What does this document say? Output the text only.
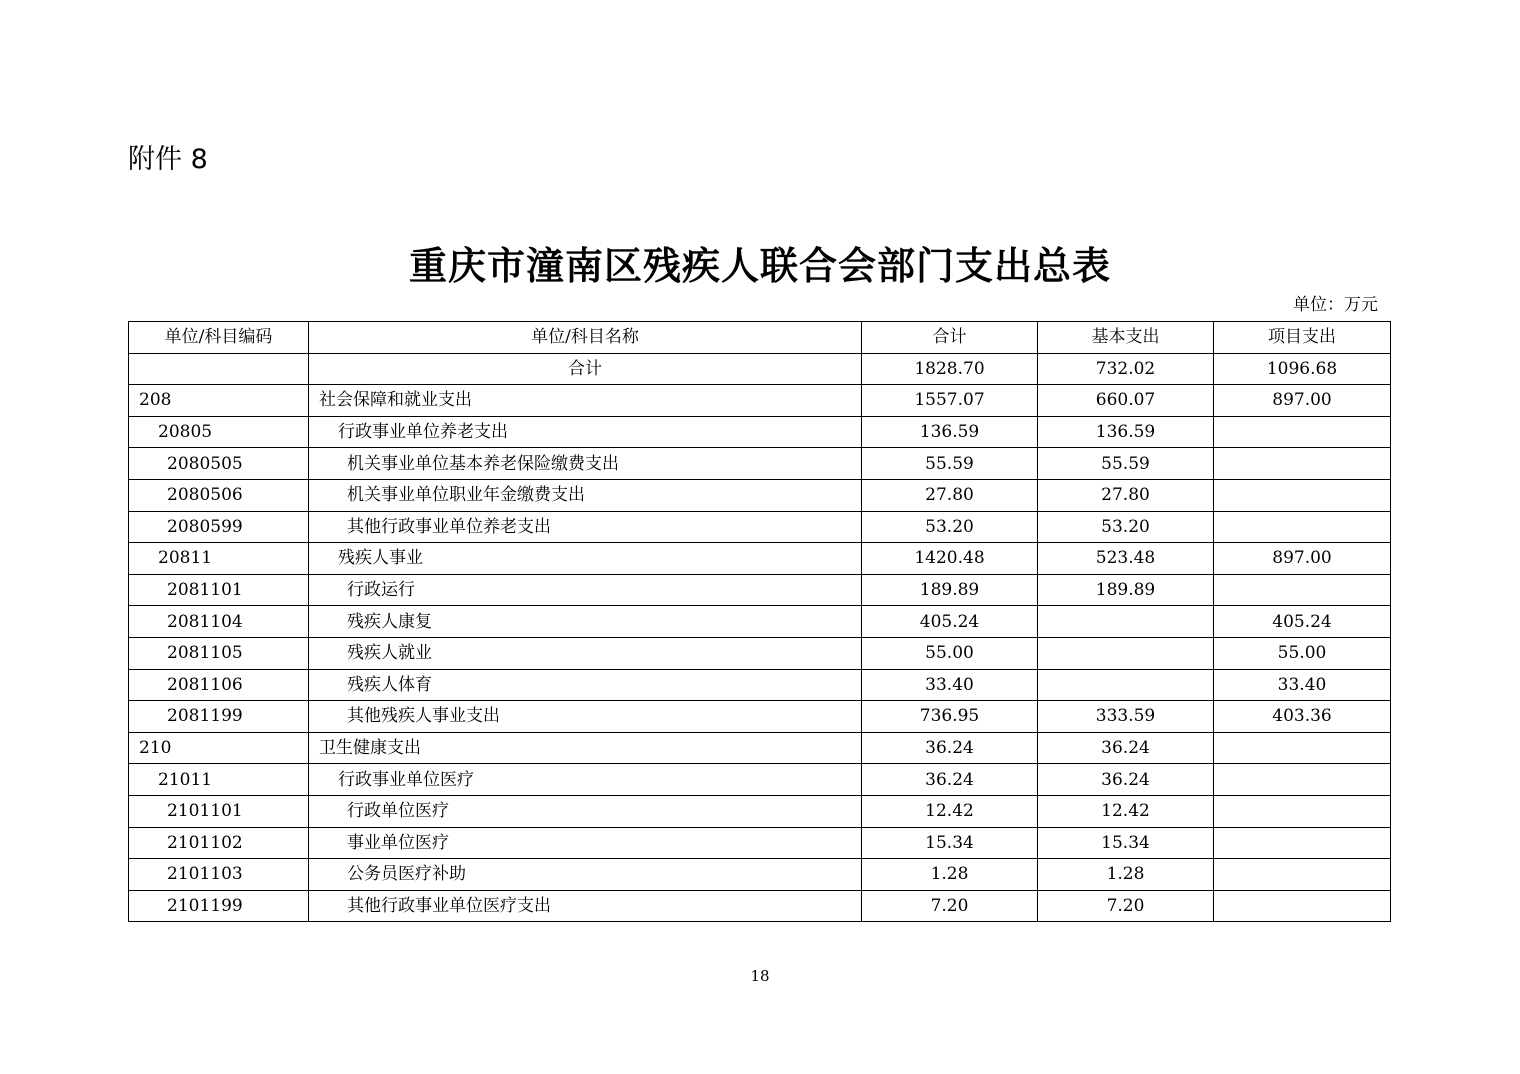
附件 8
重庆市潼南区残疾人联合会部门支出总表
单位：万元
单位/科目编码	单位/科目名称	合计	基本支出	项目支出
	合计	1828.70	732.02	1096.68
208	社会保障和就业支出	1557.07	660.07	897.00
20805	行政事业单位养老支出	136.59	136.59	
2080505	机关事业单位基本养老保险缴费支出	55.59	55.59	
2080506	机关事业单位职业年金缴费支出	27.80	27.80	
2080599	其他行政事业单位养老支出	53.20	53.20	
20811	残疾人事业	1420.48	523.48	897.00
2081101	行政运行	189.89	189.89	
2081104	残疾人康复	405.24		405.24
2081105	残疾人就业	55.00		55.00
2081106	残疾人体育	33.40		33.40
2081199	其他残疾人事业支出	736.95	333.59	403.36
210	卫生健康支出	36.24	36.24	
21011	行政事业单位医疗	36.24	36.24	
2101101	行政单位医疗	12.42	12.42	
2101102	事业单位医疗	15.34	15.34	
2101103	公务员医疗补助	1.28	1.28	
2101199	其他行政事业单位医疗支出	7.20	7.20	
18
